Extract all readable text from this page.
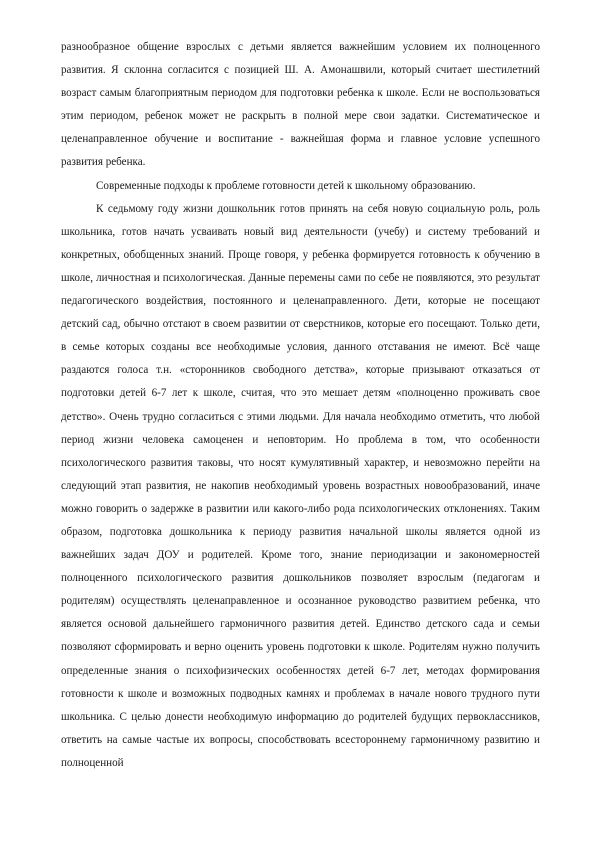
разнообразное общение взрослых с детьми является важнейшим условием их полноценного развития. Я склонна согласится с позицией Ш. А. Амонашвили, который считает шестилетний возраст самым благоприятным периодом для подготовки ребенка к школе. Если не воспользоваться этим периодом, ребенок может не раскрыть в полной мере свои задатки. Систематическое и целенаправленное обучение и воспитание - важнейшая форма и главное условие успешного развития ребенка.

Современные подходы к проблеме готовности детей к школьному образованию.

К седьмому году жизни дошкольник готов принять на себя новую социальную роль, роль школьника, готов начать усваивать новый вид деятельности (учебу) и систему требований и конкретных, обобщенных знаний. Проще говоря, у ребенка формируется готовность к обучению в школе, личностная и психологическая. Данные перемены сами по себе не появляются, это результат педагогического воздействия, постоянного и целенаправленного. Дети, которые не посещают детский сад, обычно отстают в своем развитии от сверстников, которые его посещают. Только дети, в семье которых созданы все необходимые условия, данного отставания не имеют. Всё чаще раздаются голоса т.н. «сторонников свободного детства», которые призывают отказаться от подготовки детей 6-7 лет к школе, считая, что это мешает детям «полноценно проживать свое детство». Очень трудно согласиться с этими людьми. Для начала необходимо отметить, что любой период жизни человека самоценен и неповторим. Но проблема в том, что особенности психологического развития таковы, что носят кумулятивный характер, и невозможно перейти на следующий этап развития, не накопив необходимый уровень возрастных новообразований, иначе можно говорить о задержке в развитии или какого-либо рода психологических отклонениях. Таким образом, подготовка дошкольника к периоду развития начальной школы является одной из важнейших задач ДОУ и родителей. Кроме того, знание периодизации и закономерностей полноценного психологического развития дошкольников позволяет взрослым (педагогам и родителям) осуществлять целенаправленное и осознанное руководство развитием ребенка, что является основой дальнейшего гармоничного развития детей. Единство детского сада и семьи позволяют сформировать и верно оценить уровень подготовки к школе. Родителям нужно получить определенные знания о психофизических особенностях детей 6-7 лет, методах формирования готовности к школе и возможных подводных камнях и проблемах в начале нового трудного пути школьника. С целью донести необходимую информацию до родителей будущих первоклассников, ответить на самые частые их вопросы, способствовать всестороннему гармоничному развитию и полноценной
